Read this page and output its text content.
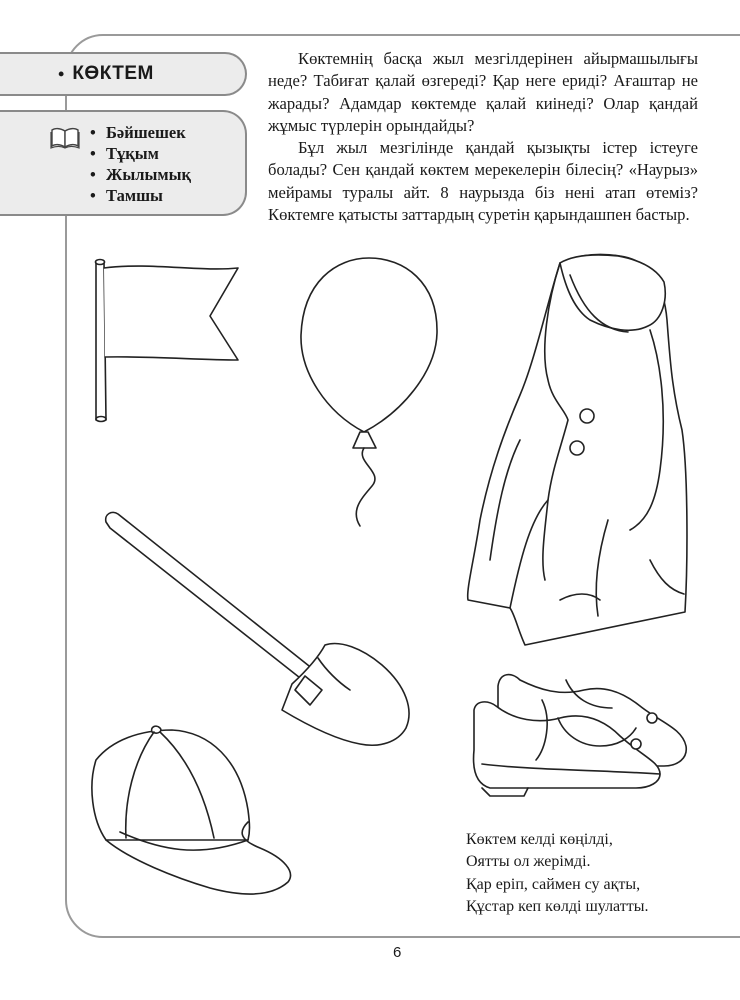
• КӨКТЕМ
• Бәйшешек
• Тұқым
• Жылымық
• Тамшы

Көктемнің басқа жыл мезгілдерінен айырмашылығы неде? Табиғат қалай өзгереді? Қар неге ериді? Ағаштар не жарады? Адамдар көктемде қалай киінеді? Олар қандай жұмыс түрлерін орындайды?

Бұл жыл мезгілінде қандай қызықты істер істеуге болады? Сен қандай көктем мерекелерін білесің? «Наурыз» мейрамы туралы айт. 8 наурызда біз нені атап өтеміз? Көктемге қатысты заттардың суретін қарындашпен бастыр.

Көктем келді көңілді,
Оятты ол жерімді.
Қар еріп, саймен су ақты,
Құстар кеп көлді шулатты.
6
